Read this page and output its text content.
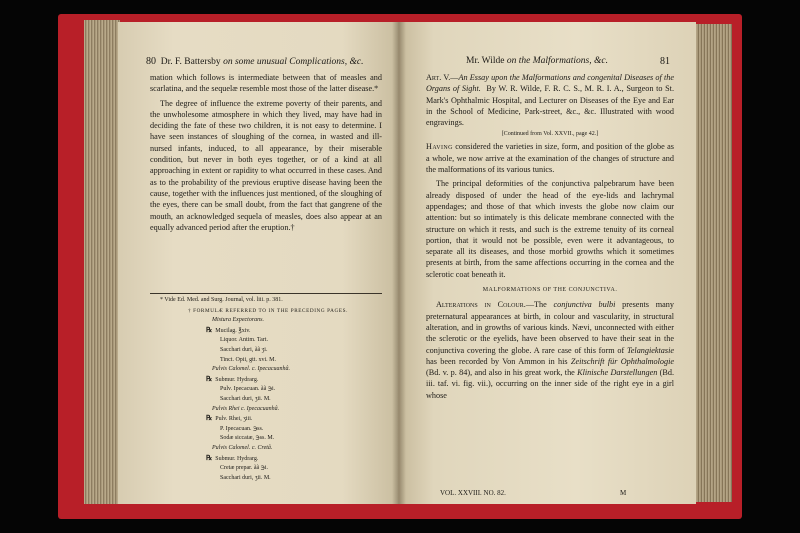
80 Dr. F. Battersby on some unusual Complications, &c.

mation which follows is intermediate between that of measles and scarlatina, and the sequelæ resemble most those of the latter disease.*

The degree of influence the extreme poverty of their parents, and the unwholesome atmosphere in which they lived, may have had in deciding the fate of these two children, it is not easy to determine. I have seen instances of sloughing of the cornea, in wasted and ill-nursed infants, induced, to all appearance, by their miserable condition, but never in both eyes together, or of a kind at all approaching in extent or rapidity to what occurred in these cases. And as to the probability of the previous eruptive disease having been the cause, together with the influences just mentioned, of the sloughing of the eyes, there can be small doubt, from the fact that gangrene of the mouth, an acknowledged sequela of measles, does also appear at an equally advanced period after the eruption.†

* Vide Ed. Med. and Surg. Journal, vol. liii. p. 381.
† FORMULÆ REFERRED TO IN THE PRECEDING PAGES.
Mistura Expectorans.
℞ Mucilag. ℥xiv.
Liquor. Antim. Tart.
Sacchari duri, ãã ʒi.
Tinct. Opii, gtt. xvi. M.
Pulvis Calomel. c. Ipecacuanhâ.
℞ Submur. Hydrarg.
Pulv. Ipecacuan. ãã ℈i.
Sacchari duri, ʒii. M.
Pulvis Rhei c. Ipecacuanhâ.
℞ Pulv. Rhei, ʒiii.
P. Ipecacuan. ℈ss.
Sodæ siccatæ, ℈ss. M.
Pulvis Calomel. c. Cretâ.
℞ Submur. Hydrarg.
Cretæ prepar. ãã ℈i.
Sacchari duri, ʒii. M.
Mr. Wilde on the Malformations, &c.	81

Art. V.—An Essay upon the Malformations and congenital Diseases of the Organs of Sight. By W. R. Wilde, F. R. C. S., M. R. I. A., Surgeon to St. Mark's Ophthalmic Hospital, and Lecturer on Diseases of the Eye and Ear in the School of Medicine, Park-street, &c., &c. Illustrated with wood engravings.

[Continued from Vol. XXVII., page 42.]

Having considered the varieties in size, form, and position of the globe as a whole, we now arrive at the examination of the changes of structure and the malformations of its various tunics.

The principal deformities of the conjunctiva palpebrarum have been already disposed of under the head of the eye-lids and lachrymal appendages; and those of that which invests the globe now claim our attention: but so intimately is this delicate membrane connected with the structure on which it rests, and such is the extreme tenuity of its corneal portion, that it would not be possible, even were it advantageous, to separate all its diseases, and those morbid growths which it sometimes presents at birth, from the same affections occurring in the cornea and the sclerotic coat beneath it.

MALFORMATIONS OF THE CONJUNCTIVA.

Alterations in Colour.—The conjunctiva bulbi presents many preternatural appearances at birth, in colour and vascularity, in structural alteration, and in growths of various kinds. Nævi, unconnected with either the sclerotic or the eyelids, have been observed to have their seat in the conjunctiva covering the globe. A rare case of this form of Telangiektasie has been recorded by Von Ammon in his Zeitschrift für Ophthalmologie (Bd. v. p. 84), and also in his great work, the Klinische Darstellungen (Bd. iii. taf. vi. fig. vii.), occurring on the inner side of the right eye in a girl whose

VOL. XXVIII. NO. 82.	M
